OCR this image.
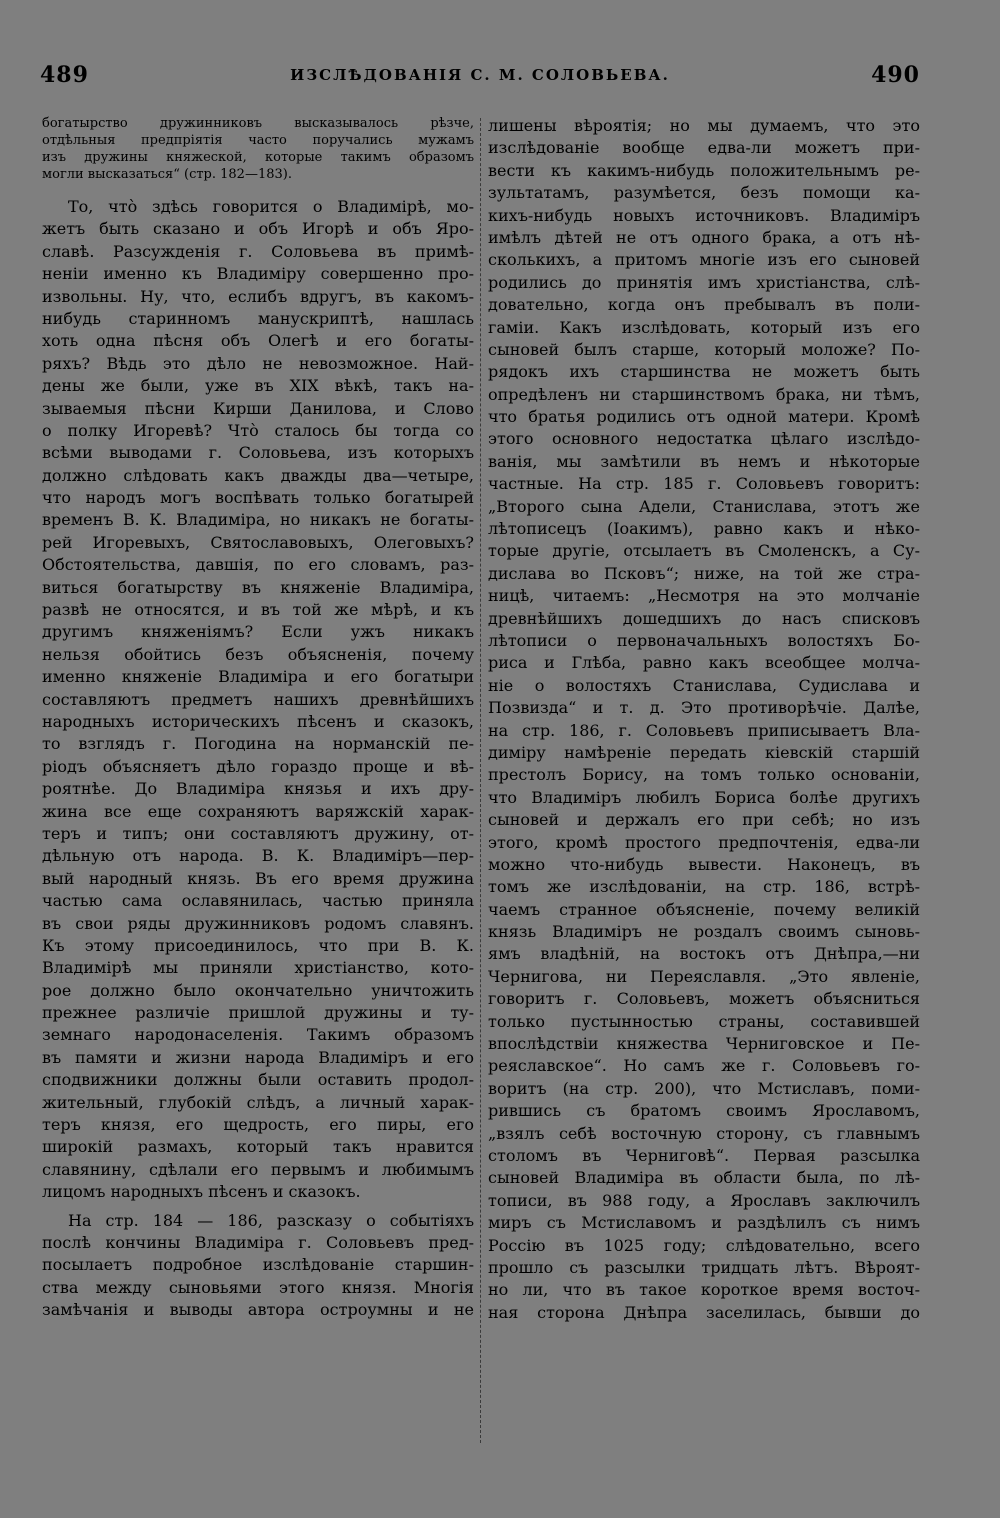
489	ИЗСЛѢДОВАНІЯ С. М. СОЛОВЬЕВА.	490
богатырство дружинниковъ высказывалось рѣзче,
отдѣльныя предпріятія часто поручались мужамъ
изъ дружины княжеской, которые такимъ образомъ
могли высказаться“ (стр. 182—183).
То, что̀ здѣсь говорится о Владимірѣ, мо-
жетъ быть сказано и объ Игорѣ и объ Яро-
славѣ. Разсужденія г. Соловьева въ примѣ-
неніи именно къ Владиміру совершенно про-
извольны. Ну, что, еслибъ вдругъ, въ какомъ-
нибудь старинномъ манускриптѣ, нашлась
хоть одна пѣсня объ Олегѣ и его богаты-
ряхъ? Вѣдь это дѣло не невозможное. Най-
дены же были, уже въ XIX вѣкѣ, такъ на-
зываемыя пѣсни Кирши Данилова, и Слово
о полку Игоревѣ? Что̀ сталось бы тогда со
всѣми выводами г. Соловьева, изъ которыхъ
должно слѣдовать какъ дважды два—четыре,
что народъ могъ воспѣвать только богатырей
временъ В. К. Владиміра, но никакъ не богаты-
рей Игоревыхъ, Святославовыхъ, Олеговыхъ?
Обстоятельства, давшія, по его словамъ, раз-
виться богатырству въ княженіе Владиміра,
развѣ не относятся, и въ той же мѣрѣ, и къ
другимъ княженіямъ? Если ужъ никакъ
нельзя обойтись безъ объясненія, почему
именно княженіе Владиміра и его богатыри
составляютъ предметъ нашихъ древнѣйшихъ
народныхъ историческихъ пѣсенъ и сказокъ,
то взглядъ г. Погодина на норманскій пе-
ріодъ объясняетъ дѣло гораздо проще и вѣ-
роятнѣе. До Владиміра князья и ихъ дру-
жина все еще сохраняютъ варяжскій харак-
теръ и типъ; они составляютъ дружину, от-
дѣльную отъ народа. В. К. Владиміръ—пер-
вый народный князь. Въ его время дружина
частью сама ославянилась, частью приняла
въ свои ряды дружинниковъ родомъ славянъ.
Къ этому присоединилось, что при В. К.
Владимірѣ мы приняли христіанство, кото-
рое должно было окончательно уничтожить
прежнее различіе пришлой дружины и ту-
земнаго народонаселенія. Такимъ образомъ
въ памяти и жизни народа Владиміръ и его
сподвижники должны были оставить продол-
жительный, глубокій слѣдъ, а личный харак-
теръ князя, его щедрость, его пиры, его
широкій размахъ, который такъ нравится
славянину, сдѣлали его первымъ и любимымъ
лицомъ народныхъ пѣсенъ и сказокъ.
На стр. 184 — 186, разсказу о событіяхъ
послѣ кончины Владиміра г. Соловьевъ пред-
посылаетъ подробное изслѣдованіе старшин-
ства между сыновьями этого князя. Многія
замѣчанія и выводы автора остроумны и не
лишены вѣроятія; но мы думаемъ, что это
изслѣдованіе вообще едва-ли можетъ при-
вести къ какимъ-нибудь положительнымъ ре-
зультатамъ, разумѣется, безъ помощи ка-
кихъ-нибудь новыхъ источниковъ. Владиміръ
имѣлъ дѣтей не отъ одного брака, а отъ нѣ-
сколькихъ, а притомъ многіе изъ его сыновей
родились до принятія имъ христіанства, слѣ-
довательно, когда онъ пребывалъ въ поли-
гаміи. Какъ изслѣдовать, который изъ его
сыновей былъ старше, который моложе? По-
рядокъ ихъ старшинства не можетъ быть
опредѣленъ ни старшинствомъ брака, ни тѣмъ,
что братья родились отъ одной матери. Кромѣ
этого основного недостатка цѣлаго изслѣдо-
ванія, мы замѣтили въ немъ и нѣкоторые
частные. На стр. 185 г. Соловьевъ говоритъ:
„Второго сына Адели, Станислава, этотъ же
лѣтописецъ (Іоакимъ), равно какъ и нѣко-
торые другіе, отсылаетъ въ Смоленскъ, а Су-
дислава во Псковъ“; ниже, на той же стра-
ницѣ, читаемъ: „Несмотря на это молчаніе
древнѣйшихъ дошедшихъ до насъ списковъ
лѣтописи о первоначальныхъ волостяхъ Бо-
риса и Глѣба, равно какъ всеобщее молча-
ніе о волостяхъ Станислава, Судислава и
Позвизда“ и т. д. Это противорѣчіе. Далѣе,
на стр. 186, г. Соловьевъ приписываетъ Вла-
диміру намѣреніе передать кіевскій старшій
престолъ Борису, на томъ только основаніи,
что Владиміръ любилъ Бориса болѣе другихъ
сыновей и держалъ его при себѣ; но изъ
этого, кромѣ простого предпочтенія, едва-ли
можно что-нибудь вывести. Наконецъ, въ
томъ же изслѣдованіи, на стр. 186, встрѣ-
чаемъ странное объясненіе, почему великій
князь Владиміръ не роздалъ своимъ сыновь-
ямъ владѣній, на востокъ отъ Днѣпра,—ни
Чернигова, ни Переяславля. „Это явленіе,
говоритъ г. Соловьевъ, можетъ объясниться
только пустынностью страны, составившей
впослѣдствіи княжества Черниговское и Пе-
реяславское“. Но самъ же г. Соловьевъ го-
воритъ (на стр. 200), что Мстиславъ, поми-
рившись съ братомъ своимъ Ярославомъ,
„взялъ себѣ восточную сторону, съ главнымъ
столомъ въ Черниговѣ“. Первая разсылка
сыновей Владиміра въ области была, по лѣ-
тописи, въ 988 году, а Ярославъ заключилъ
миръ съ Мстиславомъ и раздѣлилъ съ нимъ
Россію въ 1025 году; слѣдовательно, всего
прошло съ разсылки тридцать лѣтъ. Вѣроят-
но ли, что въ такое короткое время восточ-
ная сторона Днѣпра заселилась, бывши до
